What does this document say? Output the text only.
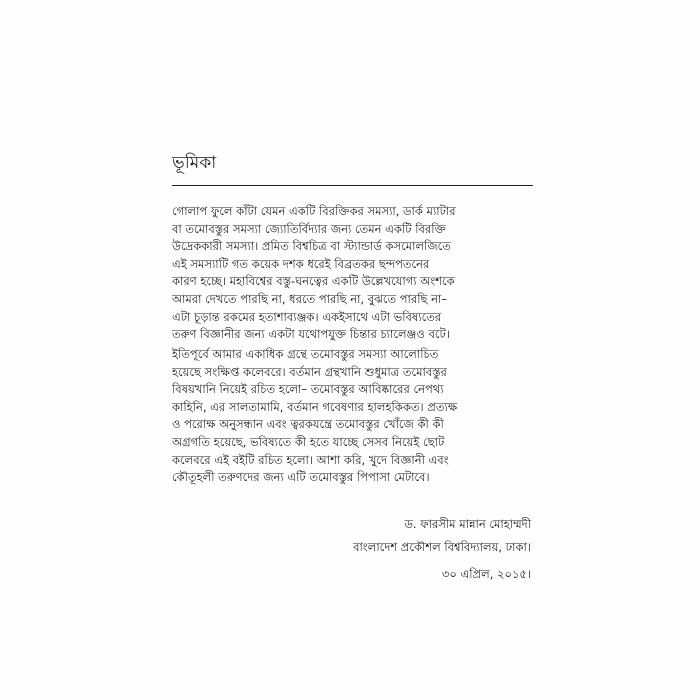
ভূমিকা
গোলাপ ফুলে কাঁটা যেমন একটি বিরক্তিকর সমস্যা, ডার্ক ম্যাটার
বা তমোবস্তুর সমস্যা জ্যোতির্বিদ্যার জন্য তেমন একটি বিরক্তি
উদ্রেককারী সমস্যা। প্রমিত বিশ্বচিত্র বা স্ট্যান্ডার্ড কসমোলজিতে
এই সমস্যাটি গত কয়েক দশক ধরেই বিব্রতকর ছন্দপতনের
কারণ হচ্ছে। মহাবিশ্বের বস্তু-ঘনত্বের একটি উল্লেখযোগ্য অংশকে
আমরা দেখতে পারছি না, ধরতে পারছি না, বুঝতে পারছি না–
এটা চূড়ান্ত রকমের হতাশাব্যঞ্জক। একইসাথে এটা ভবিষ্যতের
তরুণ বিজ্ঞানীর জন্য একটা যথোপযুক্ত চিন্তার চ্যালেঞ্জও বটে।
ইতিপূর্বে আমার একাধিক গ্রন্থে তমোবস্তুর সমস্যা আলোচিত
হয়েছে সংক্ষিপ্ত কলেবরে। বর্তমান গ্রন্থখানি শুধুমাত্র তমোবস্তুর
বিষয়খানি নিয়েই রচিত হলো– তমোবস্তুর আবিষ্কারের নেপথ্য
কাহিনি, এর সালতামামি, বর্তমান গবেষণার হালহকিকত। প্রত্যক্ষ
ও পরোক্ষ অনুসন্ধান এবং ত্বরকযন্ত্রে তমোবস্তুর খোঁজে কী কী
অগ্রগতি হয়েছে, ভবিষ্যতে কী হতে যাচ্ছে সেসব নিয়েই ছোট
কলেবরে এই বইটি রচিত হলো। আশা করি, খুদে বিজ্ঞানী এবং
কৌতূহলী তরুণদের জন্য এটি তমোবস্তুর পিপাসা মেটাবে।
ড. ফারসীম মান্নান মোহাম্মদী
বাংলাদেশ প্রকৌশল বিশ্ববিদ্যালয়, ঢাকা।
৩০ এপ্রিল, ২০১৫।
